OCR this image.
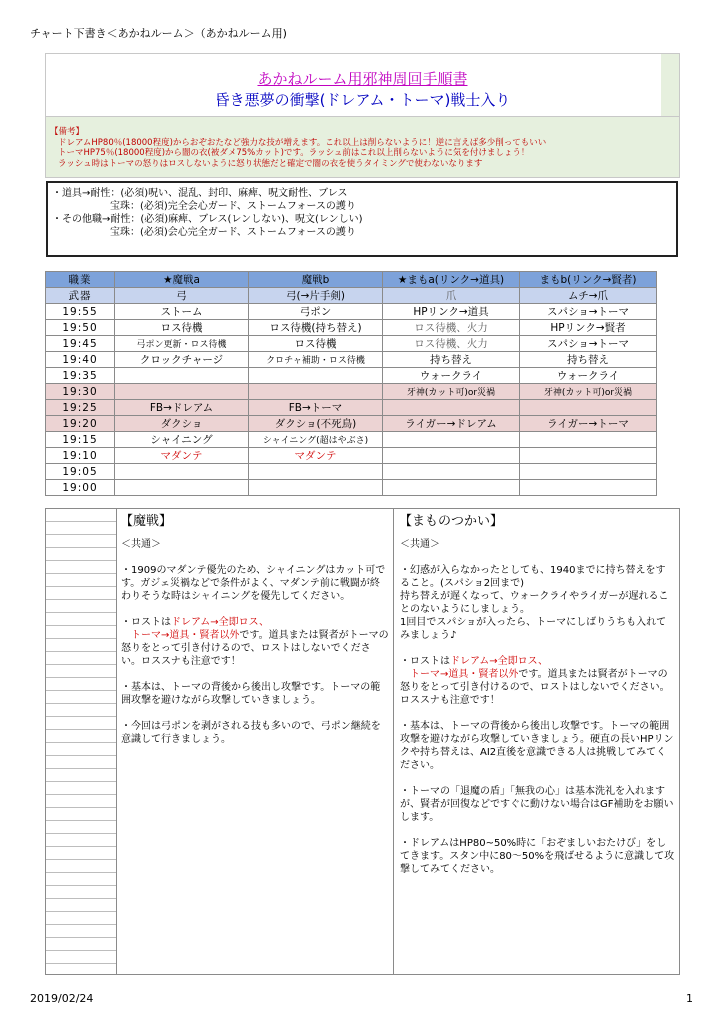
チャート下書き＜あかねルーム＞（あかねルーム用)
あかねルーム用邪神周回手順書
昏き悪夢の衝撃(ドレアム・トーマ)戦士入り
【備考】
ドレアムHP80％(18000程度)からおぞおたなど強力な技が増えます。これ以上は削らないように！逆に言えば多少削ってもいい
トーマHP75％(18000程度)から闇の衣(被ダメ75%カット)です。ラッシュ前はこれ以上削らないように気を付けましょう！
ラッシュ時はトーマの怒りはロスしないように怒り状態だと確定で闇の衣を使うタイミングで使わないなります
・道具→耐性：(必須)呪い、混乱、封印、麻痺、呪文耐性、ブレス
宝珠：(必須)完全会心ガード、ストームフォースの護り
・その他職→耐性：(必須)麻痺、ブレス(レンしない)、呪文(レンしい)
宝珠：(必須)会心完全ガード、ストームフォースの護り
職業	★魔戦a	魔戦b	★まもa(リンク→道具)	まもb(リンク→賢者)
武器	弓	弓(→片手剣)	爪	ムチ→爪
19:55	ストーム	弓ポン	HPリンク→道具	スパショ→トーマ
19:50	ロス待機	ロス待機(持ち替え)	ロス待機、火力	HPリンク→賢者
19:45	弓ポン更新・ロス待機	ロス待機	ロス待機、火力	スパショ→トーマ
19:40	クロックチャージ	クロチャ補助・ロス待機	持ち替え	持ち替え
19:35			ウォークライ	ウォークライ
19:30			牙神(カット可)or災禍	牙神(カット可)or災禍
19:25	FB→ドレアム	FB→トーマ		
19:20	ダクショ	ダクショ(不死鳥)	ライガー→ドレアム	ライガー→トーマ
19:15	シャイニング	シャイニング(超はやぶさ)		
19:10	マダンテ	マダンテ		
19:05				
19:00				
【魔戦】

＜共通＞

・1909のマダンテ優先のため、シャイニングはカット可です。ガジェ災禍などで条件がよく、マダンテ前に戦闘が終わりそうな時はシャイニングを優先してください。

・ロストはドレアム→全即ロス、
　トーマ→道具・賢者以外です。道具または賢者がトーマの怒りをとって引き付けるので、ロストはしないでください。ロススナも注意です！

・基本は、トーマの背後から後出し攻撃です。トーマの範囲攻撃を避けながら攻撃していきましょう。

・今回は弓ポンを剥がされる技も多いので、弓ポン継続を意識して行きましょう。

【まものつかい】

＜共通＞

・幻惑が入らなかったとしても、1940までに持ち替えをすること。(スパショ2回まで)

持ち替えが遅くなって、ウォークライやライガーが遅れることのないようにしましょう。

1回目でスパショが入ったら、トーマにしばりうちも入れてみましょう♪

・ロストはドレアム→全即ロス、
　トーマ→道具・賢者以外です。道具または賢者がトーマの怒りをとって引き付けるので、ロストはしないでください。ロススナも注意です！

・基本は、トーマの背後から後出し攻撃です。トーマの範囲攻撃を避けながら攻撃していきましょう。硬直の長いHPリンクや持ち替えは、AI2直後を意識できる人は挑戦してみてください。

・トーマの「退魔の盾」「無我の心」は基本洗礼を入れますが、賢者が回復などですぐに動けない場合はGF補助をお願いします。

・ドレアムはHP80~50%時に「おぞましいおたけび」をしてきます。スタン中に80～50%を飛ばせるように意識して攻撃してみてください。

2019/02/24	1
